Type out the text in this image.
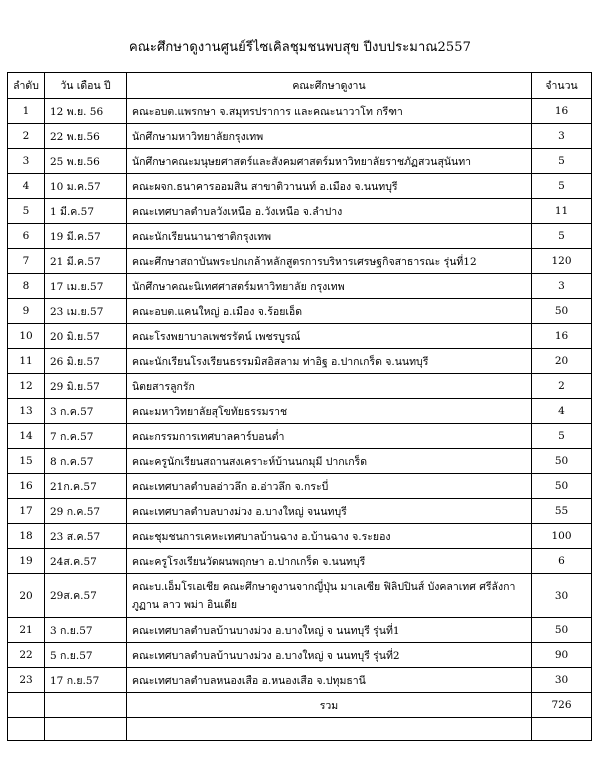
คณะศึกษาดูงานศูนย์รีไซเคิลชุมชนพบสุข ปีงบประมาณ2557
ลำดับ	วัน เดือน ปี	คณะศึกษาดูงาน	จำนวน
1	12 พ.ย. 56	คณะอบต.แพรกษา จ.สมุทรปราการ และคณะนาวาโท กรีฑา	16
2	22 พ.ย.56	นักศึกษามหาวิทยาลัยกรุงเทพ	3
3	25 พ.ย.56	นักศึกษาคณะมนุษยศาสตร์และสังคมศาสตร์มหาวิทยาลัยราชภัฏสวนสุนันทา	5
4	10 ม.ค.57	คณะผจก.ธนาคารออมสิน สาขาติวานนท์ อ.เมือง จ.นนทบุรี	5
5	1 มี.ค.57	คณะเทศบาลตำบลวังเหนือ อ.วังเหนือ จ.ลำปาง	11
6	19 มี.ค.57	คณะนักเรียนนานาชาติกรุงเทพ	5
7	21 มี.ค.57	คณะศึกษาสถาบันพระปกเกล้าหลักสูตรการบริหารเศรษฐกิจสาธารณะ รุ่นที่12	120
8	17 เม.ย.57	นักศึกษาคณะนิเทศศาสตร์มหาวิทยาลัย กรุงเทพ	3
9	23 เม.ย.57	คณะอบต.แคนใหญ่ อ.เมือง จ.ร้อยเอ็ด	50
10	20 มิ.ย.57	คณะโรงพยาบาลเพชรรัตน์ เพชรบูรณ์	16
11	26 มิ.ย.57	คณะนักเรียนโรงเรียนธรรมมิสอิสลาม ท่าอิฐ อ.ปากเกร็ด จ.นนทบุรี	20
12	29 มิ.ย.57	นิตยสารลูกรัก	2
13	3 ก.ค.57	คณะมหาวิทยาลัยสุโขทัยธรรมราช	4
14	7 ก.ค.57	คณะกรรมการเทศบาลคาร์บอนต่ำ	5
15	8 ก.ค.57	คณะครูนักเรียนสถานสงเคราะห์บ้านนกมุมี ปากเกร็ด	50
16	21ก.ค.57	คณะเทศบาลตำบลอ่าวลึก อ.อ่าวลึก จ.กระบี่	50
17	29 ก.ค.57	คณะเทศบาลตำบลบางม่วง อ.บางใหญ่ จนนทบุรี	55
18	23 ส.ค.57	คณะชุมชนการเคหะเทศบาลบ้านฉาง อ.บ้านฉาง จ.ระยอง	100
19	24ส.ค.57	คณะครูโรงเรียนวัดผนพฤกษา อ.ปากเกร็ด จ.นนทบุรี	6
20	29ส.ค.57	คณะบ.เอ็มโรเอเชีย คณะศึกษาดูงานจากญี่ปุ่น มาเลเซีย ฟิลิปปินส์ บังคลาเทศ ศรีลังกา ภูฏาน ลาว พม่า อินเดีย	30
21	3 ก.ย.57	คณะเทศบาลตำบลบ้านบางม่วง อ.บางใหญ่ จ นนทบุรี รุ่นที่1	50
22	5 ก.ย.57	คณะเทศบาลตำบลบ้านบางม่วง อ.บางใหญ่ จ นนทบุรี รุ่นที่2	90
23	17 ก.ย.57	คณะเทศบาลตำบลหนองเสือ อ.หนองเสือ จ.ปทุมธานี	30
		รวม	726
